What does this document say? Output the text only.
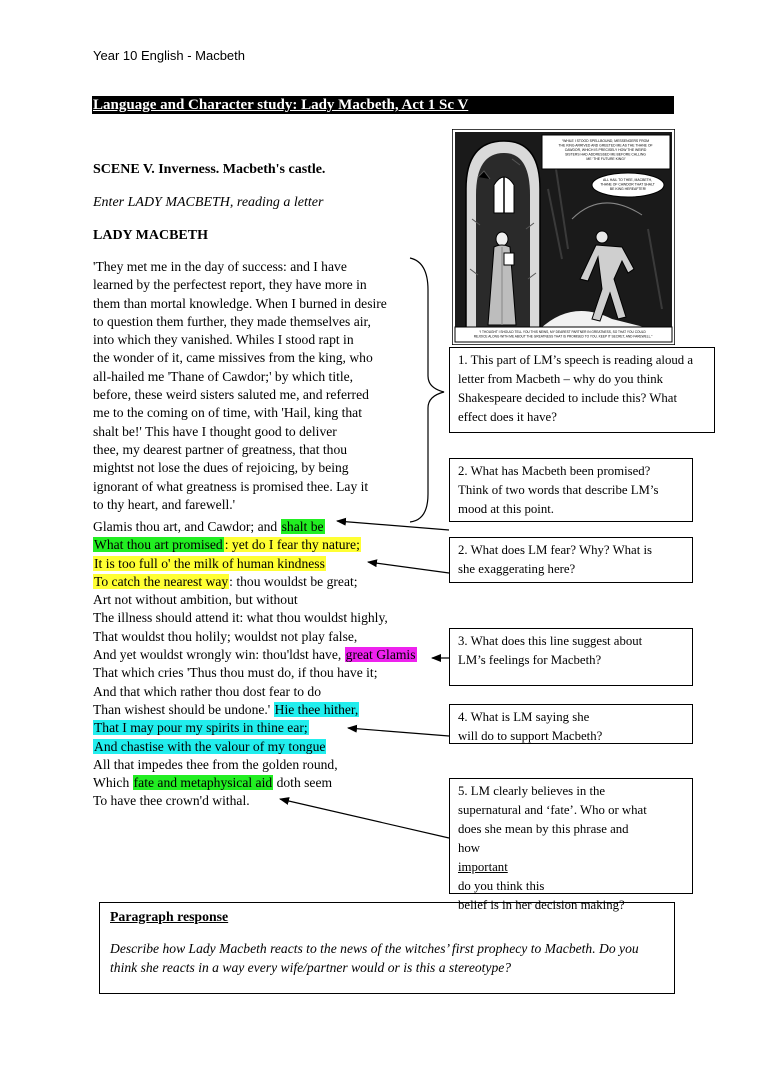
Year 10 English - Macbeth
Language and Character study: Lady Macbeth, Act 1 Sc V
SCENE V. Inverness. Macbeth's castle.
Enter LADY MACBETH, reading a letter
LADY MACBETH
'They met me in the day of success: and I have
learned by the perfectest report, they have more in
them than mortal knowledge. When I burned in desire
to question them further, they made themselves air,
into which they vanished. Whiles I stood rapt in
the wonder of it, came missives from the king, who
all-hailed me 'Thane of Cawdor;' by which title,
before, these weird sisters saluted me, and referred
me to the coming on of time, with 'Hail, king that
shalt be!' This have I thought good to deliver
thee, my dearest partner of greatness, that thou
mightst not lose the dues of rejoicing, by being
ignorant of what greatness is promised thee. Lay it
to thy heart, and farewell.'
Glamis thou art, and Cawdor; and shalt be
What thou art promised : yet do I fear thy nature;
It is too full o' the milk of human kindness
To catch the nearest way: thou wouldst be great;
Art not without ambition, but without
The illness should attend it: what thou wouldst highly,
That wouldst thou holily; wouldst not play false,
And yet wouldst wrongly win: thou'ldst have, great Glamis
That which cries 'Thus thou must do, if thou have it;
And that which rather thou dost fear to do
Than wishest should be undone.' Hie thee hither,
That I may pour my spirits in thine ear;
And chastise with the valour of my tongue
All that impedes thee from the golden round,
Which fate and metaphysical aid doth seem
To have thee crown'd withal.
“WHILE I STOOD SPELLBOUND, MESSENGERS FROM THE KING ARRIVED AND GREETED ME AS THE THANE OF CAWDOR, WHICH IS PRECISELY HOW THE WEIRD SISTERS HAD ADDRESSED ME BEFORE CALLING ME ‘THE FUTURE KING!’
ALL HAIL TO THEE, MACBETH, THANE OF CAWDOR THAT SHALT BE KING HEREAFTER!
“I THOUGHT I SHOULD TELL YOU THIS NEWS, MY DEAREST PARTNER IN GREATNESS, SO THAT YOU COULD REJOICE ALONG WITH ME ABOUT THE GREATNESS THAT IS PROMISED TO YOU. KEEP IT SECRET, AND FAREWELL.”
1. This part of LM’s speech is reading aloud a
letter from Macbeth – why do you think
Shakespeare decided to include this? What
effect does it have?
2. What has Macbeth been promised?
Think of two words that describe LM’s
mood at this point.
2. What does LM fear? Why? What is
she exaggerating here?
3. What does this line suggest about
LM’s feelings for Macbeth?
4. What is LM saying she
will do to support Macbeth?
5. LM clearly believes in the
supernatural and ‘fate’. Who or what
does she mean by this phrase and
how
important
do you think this
belief is in her decision making?
Paragraph response
Describe how Lady Macbeth reacts to the news of the witches’ first prophecy to Macbeth. Do you think she reacts in a way every wife/partner would or is this a stereotype?
